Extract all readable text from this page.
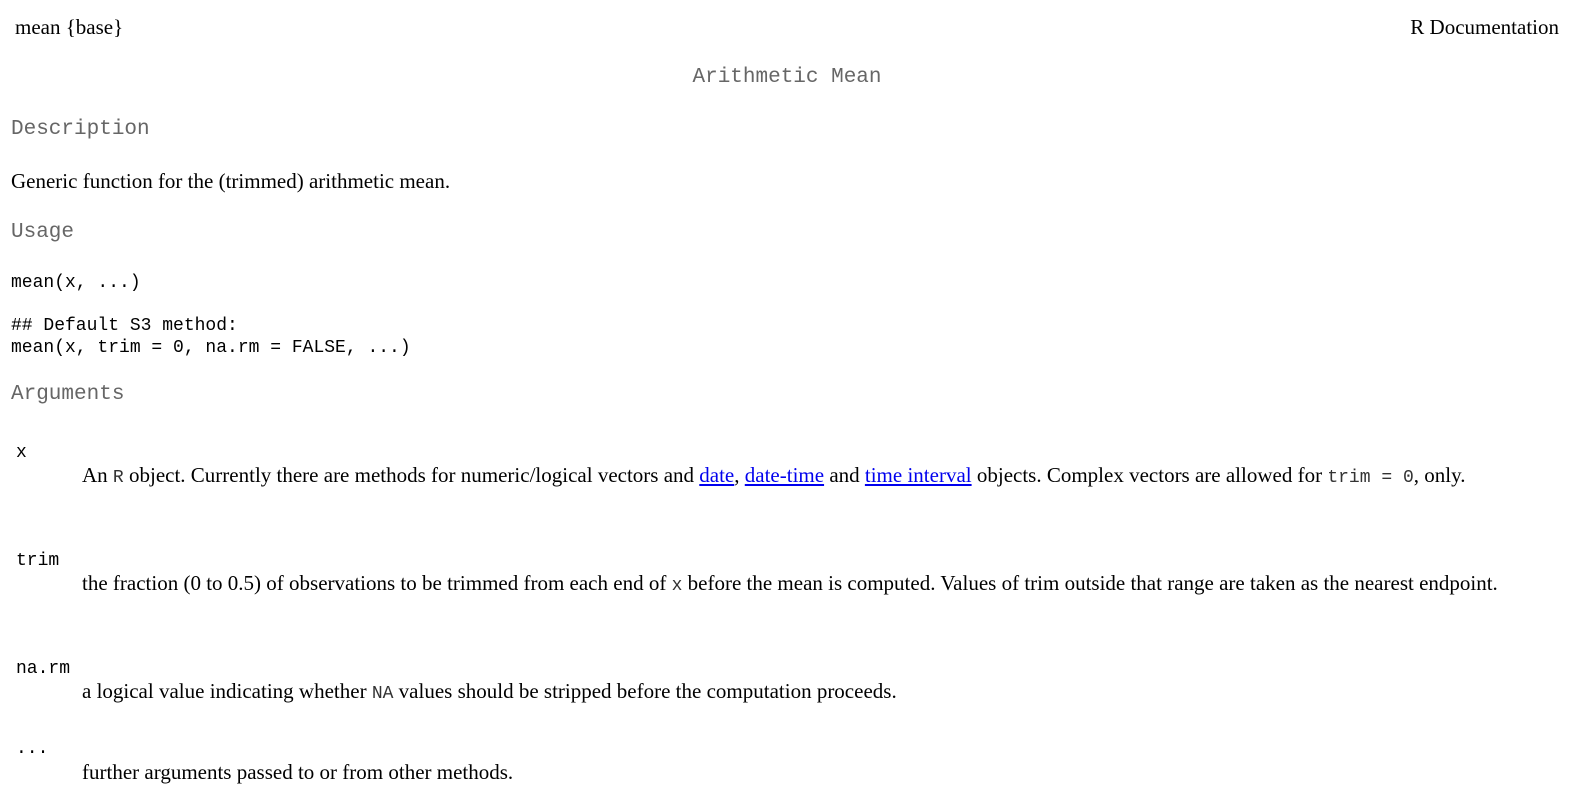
mean {base}	R Documentation
Arithmetic Mean
Description
Generic function for the (trimmed) arithmetic mean.
Usage
mean(x, ...)
## Default S3 method:
mean(x, trim = 0, na.rm = FALSE, ...)
Arguments
x
An R object. Currently there are methods for numeric/logical vectors and date, date-time and time interval objects. Complex vectors are allowed for trim = 0, only.
trim
the fraction (0 to 0.5) of observations to be trimmed from each end of x before the mean is computed. Values of trim outside that range are taken as the nearest endpoint.
na.rm
a logical value indicating whether NA values should be stripped before the computation proceeds.
...
further arguments passed to or from other methods.
